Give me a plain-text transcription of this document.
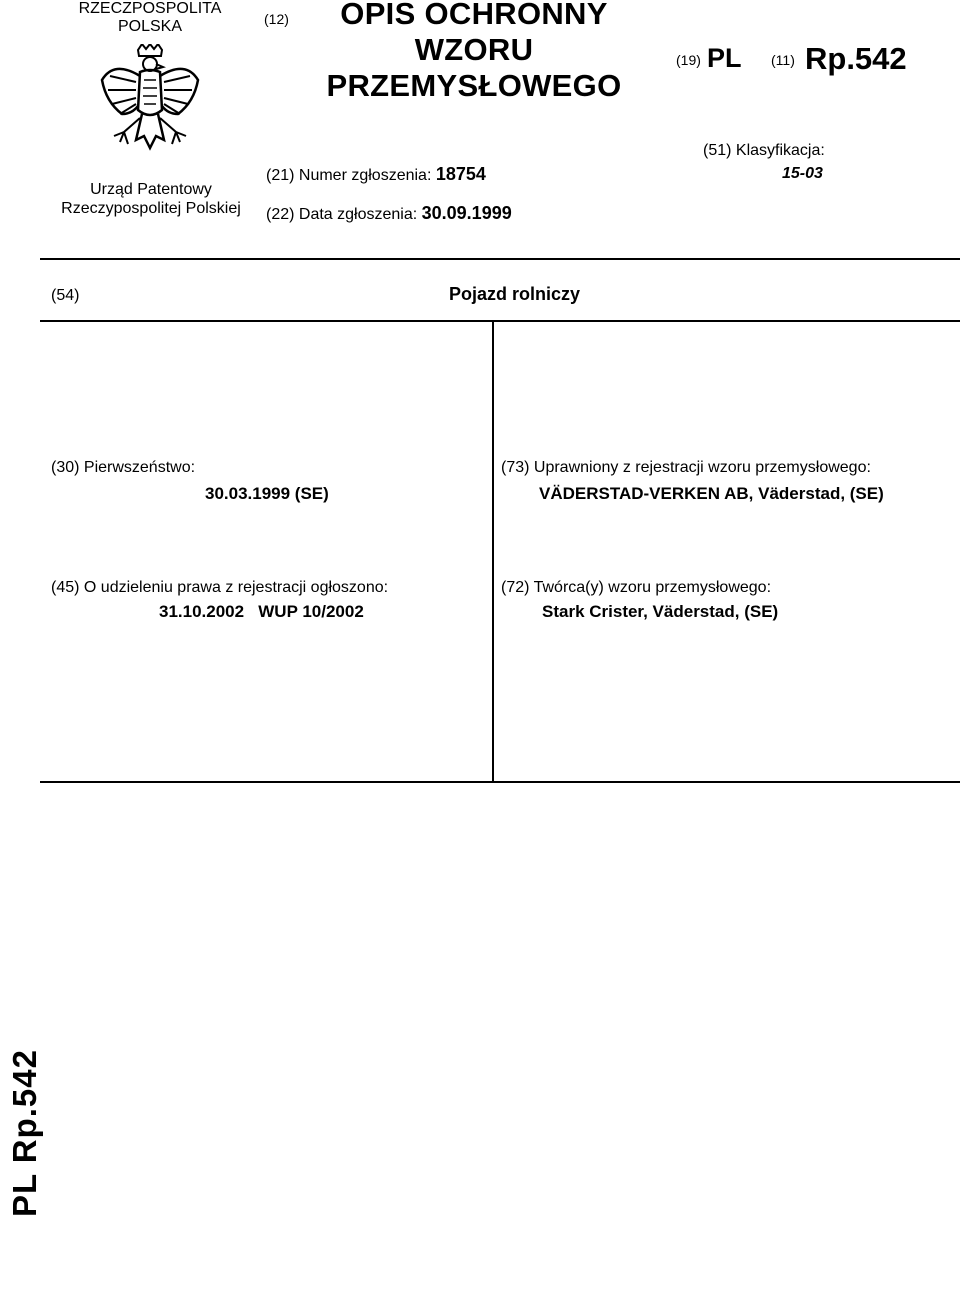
RZECZPOSPOLITA
POLSKA
Urząd Patentowy
Rzeczypospolitej Polskiej
(12)	OPIS OCHRONNY
WZORU
PRZEMYSŁOWEGO
(19) PL (11) Rp.542
(21) Numer zgłoszenia: 18754
(22) Data zgłoszenia: 30.09.1999
(51) Klasyfikacja:
15-03
(54)	Pojazd rolniczy
(30) Pierwszeństwo:
30.03.1999 (SE)
(73) Uprawniony z rejestracji wzoru przemysłowego:
VÄDERSTAD-VERKEN AB, Väderstad, (SE)
(45) O udzieleniu prawa z rejestracji ogłoszono:
31.10.2002   WUP 10/2002
(72) Twórca(y) wzoru przemysłowego:
Stark Crister, Väderstad, (SE)
PL Rp.542
